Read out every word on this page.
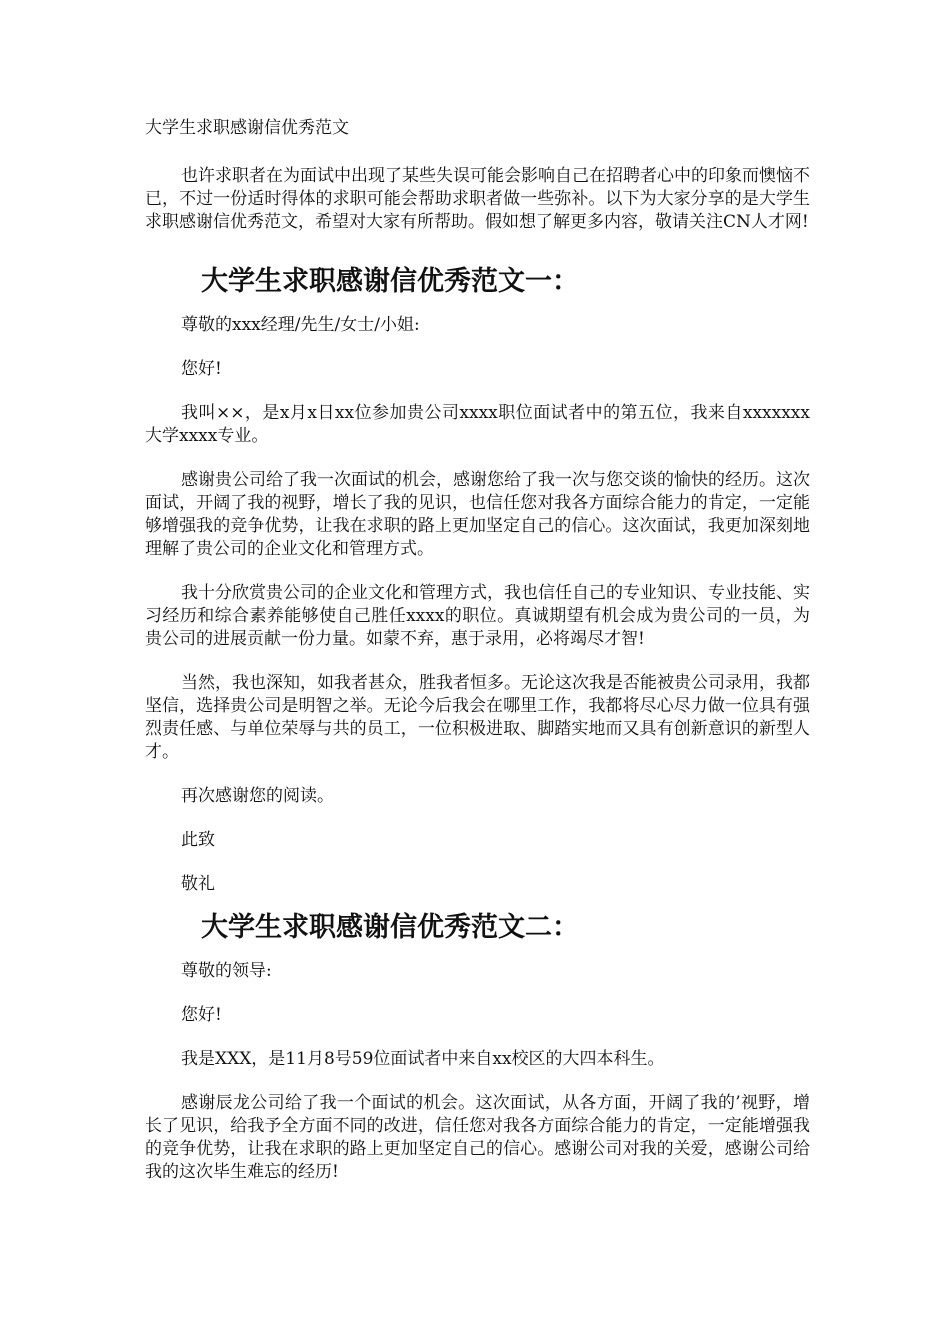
大学生求职感谢信优秀范文

也许求职者在为面试中出现了某些失误可能会影响自己在招聘者心中的印象而懊恼不已，不过一份适时得体的求职可能会帮助求职者做一些弥补。以下为大家分享的是大学生求职感谢信优秀范文，希望对大家有所帮助。假如想了解更多内容，敬请关注CN人才网!

大学生求职感谢信优秀范文一：

尊敬的xxx经理/先生/女士/小姐:

您好!

我叫××，是x月x日xx位参加贵公司xxxx职位面试者中的第五位，我来自xxxxxxx大学xxxx专业。

感谢贵公司给了我一次面试的机会，感谢您给了我一次与您交谈的愉快的经历。这次面试，开阔了我的视野，增长了我的见识，也信任您对我各方面综合能力的肯定，一定能够增强我的竞争优势，让我在求职的路上更加坚定自己的信心。这次面试，我更加深刻地理解了贵公司的企业文化和管理方式。

我十分欣赏贵公司的企业文化和管理方式，我也信任自己的专业知识、专业技能、实习经历和综合素养能够使自己胜任xxxx的职位。真诚期望有机会成为贵公司的一员，为贵公司的进展贡献一份力量。如蒙不弃，惠于录用，必将竭尽才智!

当然，我也深知，如我者甚众，胜我者恒多。无论这次我是否能被贵公司录用，我都坚信，选择贵公司是明智之举。无论今后我会在哪里工作，我都将尽心尽力做一位具有强烈责任感、与单位荣辱与共的员工，一位积极进取、脚踏实地而又具有创新意识的新型人才。

再次感谢您的阅读。

此致

敬礼

大学生求职感谢信优秀范文二：

尊敬的领导:

您好!

我是XXX，是11月8号59位面试者中来自xx校区的大四本科生。

感谢辰龙公司给了我一个面试的机会。这次面试，从各方面，开阔了我的’视野，增长了见识，给我予全方面不同的改进，信任您对我各方面综合能力的肯定，一定能增强我的竞争优势，让我在求职的路上更加坚定自己的信心。感谢公司对我的关爱，感谢公司给我的这次毕生难忘的经历!
